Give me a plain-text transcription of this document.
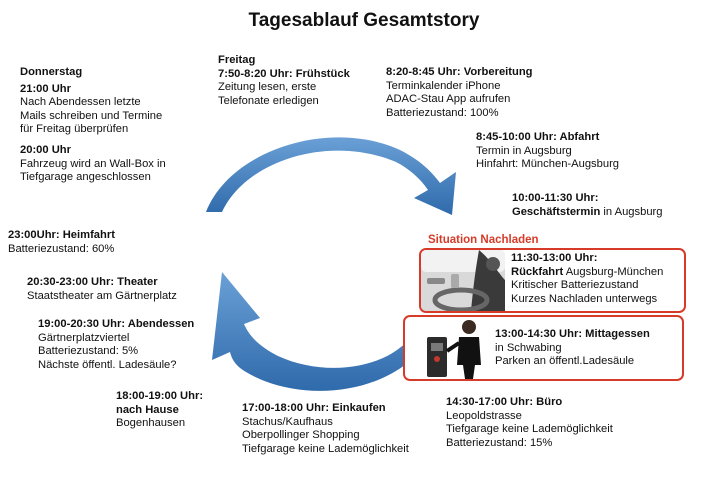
Tagesablauf Gesamtstory
Donnerstag
21:00 Uhr
Nach Abendessen letzte
Mails schreiben und Termine
für Freitag überprüfen
20:00 Uhr
Fahrzeug wird an Wall-Box in
Tiefgarage angeschlossen
Freitag
7:50-8:20 Uhr: Frühstück
Zeitung lesen, erste
Telefonate erledigen
8:20-8:45 Uhr: Vorbereitung
Terminkalender iPhone
ADAC-Stau App aufrufen
Batteriezustand: 100%
8:45-10:00 Uhr: Abfahrt
Termin in Augsburg
Hinfahrt: München-Augsburg
10:00-11:30 Uhr:
Geschäftstermin in Augsburg
23:00Uhr: Heimfahrt
Batteriezustand: 60%
20:30-23:00 Uhr: Theater
Staatstheater am Gärtnerplatz
19:00-20:30 Uhr: Abendessen
Gärtnerplatzviertel
Batteriezustand: 5%
Nächste öffentl. Ladesäule?
18:00-19:00 Uhr:
nach Hause
Bogenhausen
17:00-18:00 Uhr: Einkaufen
Stachus/Kaufhaus
Oberpollinger Shopping
Tiefgarage keine Lademöglichkeit
14:30-17:00 Uhr: Büro
Leopoldstrasse
Tiefgarage keine Lademöglichkeit
Batteriezustand: 15%
Situation Nachladen
11:30-13:00 Uhr:
Rückfahrt Augsburg-München
Kritischer Batteriezustand
Kurzes Nachladen unterwegs
13:00-14:30 Uhr: Mittagessen
in Schwabing
Parken an öffentl.Ladesäule
